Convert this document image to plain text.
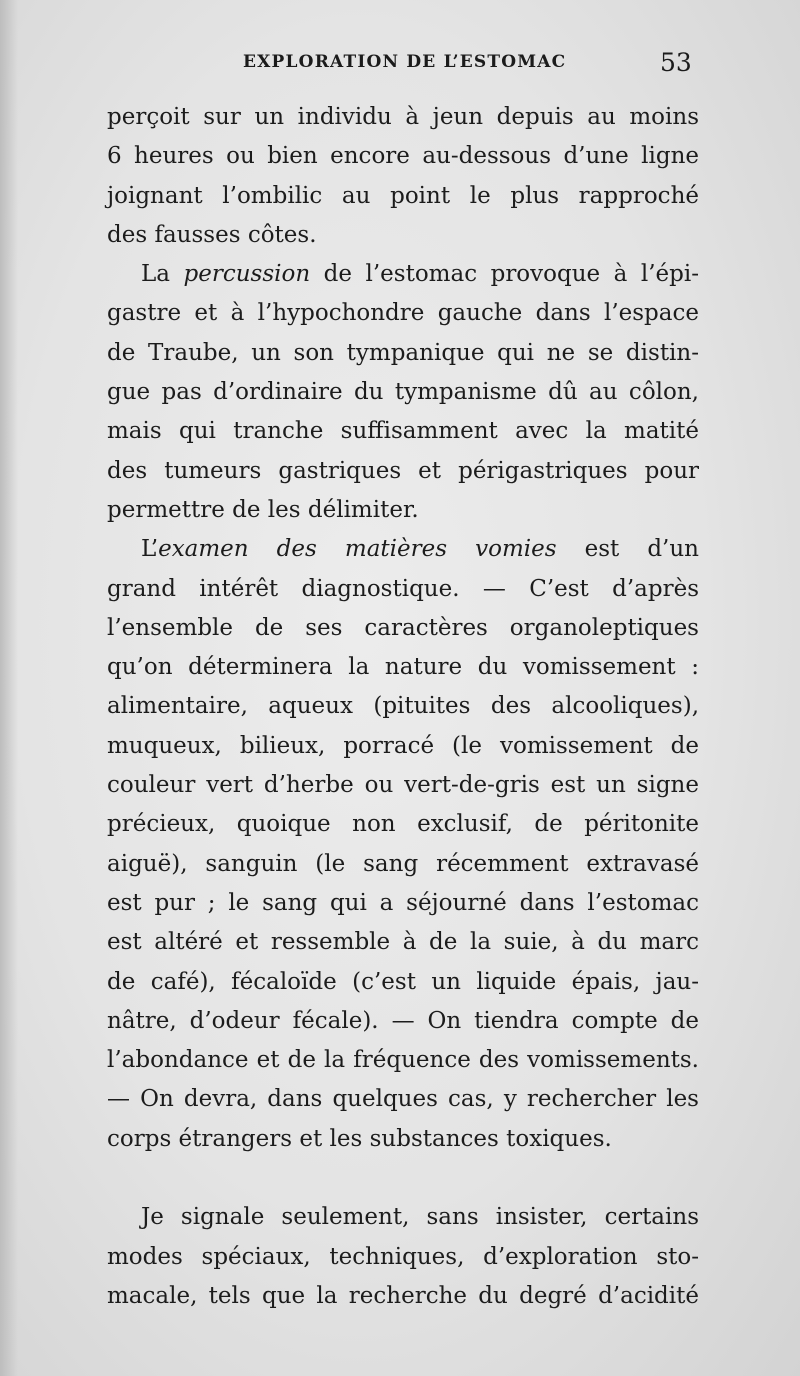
EXPLORATION DE L’ESTOMAC	53
perçoit sur un individu à jeun depuis au moins
6 heures ou bien encore au-dessous d’une ligne
joignant l’ombilic au point le plus rapproché
des fausses côtes.
La percussion de l’estomac provoque à l’épi-
gastre et à l’hypochondre gauche dans l’espace
de Traube, un son tympanique qui ne se distin-
gue pas d’ordinaire du tympanisme dû au côlon,
mais qui tranche suffisamment avec la matité
des tumeurs gastriques et périgastriques pour
permettre de les délimiter.
L’examen des matières vomies est d’un
grand intérêt diagnostique. — C’est d’après
l’ensemble de ses caractères organoleptiques
qu’on déterminera la nature du vomissement :
alimentaire, aqueux (pituites des alcooliques),
muqueux, bilieux, porracé (le vomissement de
couleur vert d’herbe ou vert-de-gris est un signe
précieux, quoique non exclusif, de péritonite
aiguë), sanguin (le sang récemment extravasé
est pur ; le sang qui a séjourné dans l’estomac
est altéré et ressemble à de la suie, à du marc
de café), fécaloïde (c’est un liquide épais, jau-
nâtre, d’odeur fécale). — On tiendra compte de
l’abondance et de la fréquence des vomissements.
— On devra, dans quelques cas, y rechercher les
corps étrangers et les substances toxiques.
Je signale seulement, sans insister, certains
modes spéciaux, techniques, d’exploration sto-
macale, tels que la recherche du degré d’acidité
